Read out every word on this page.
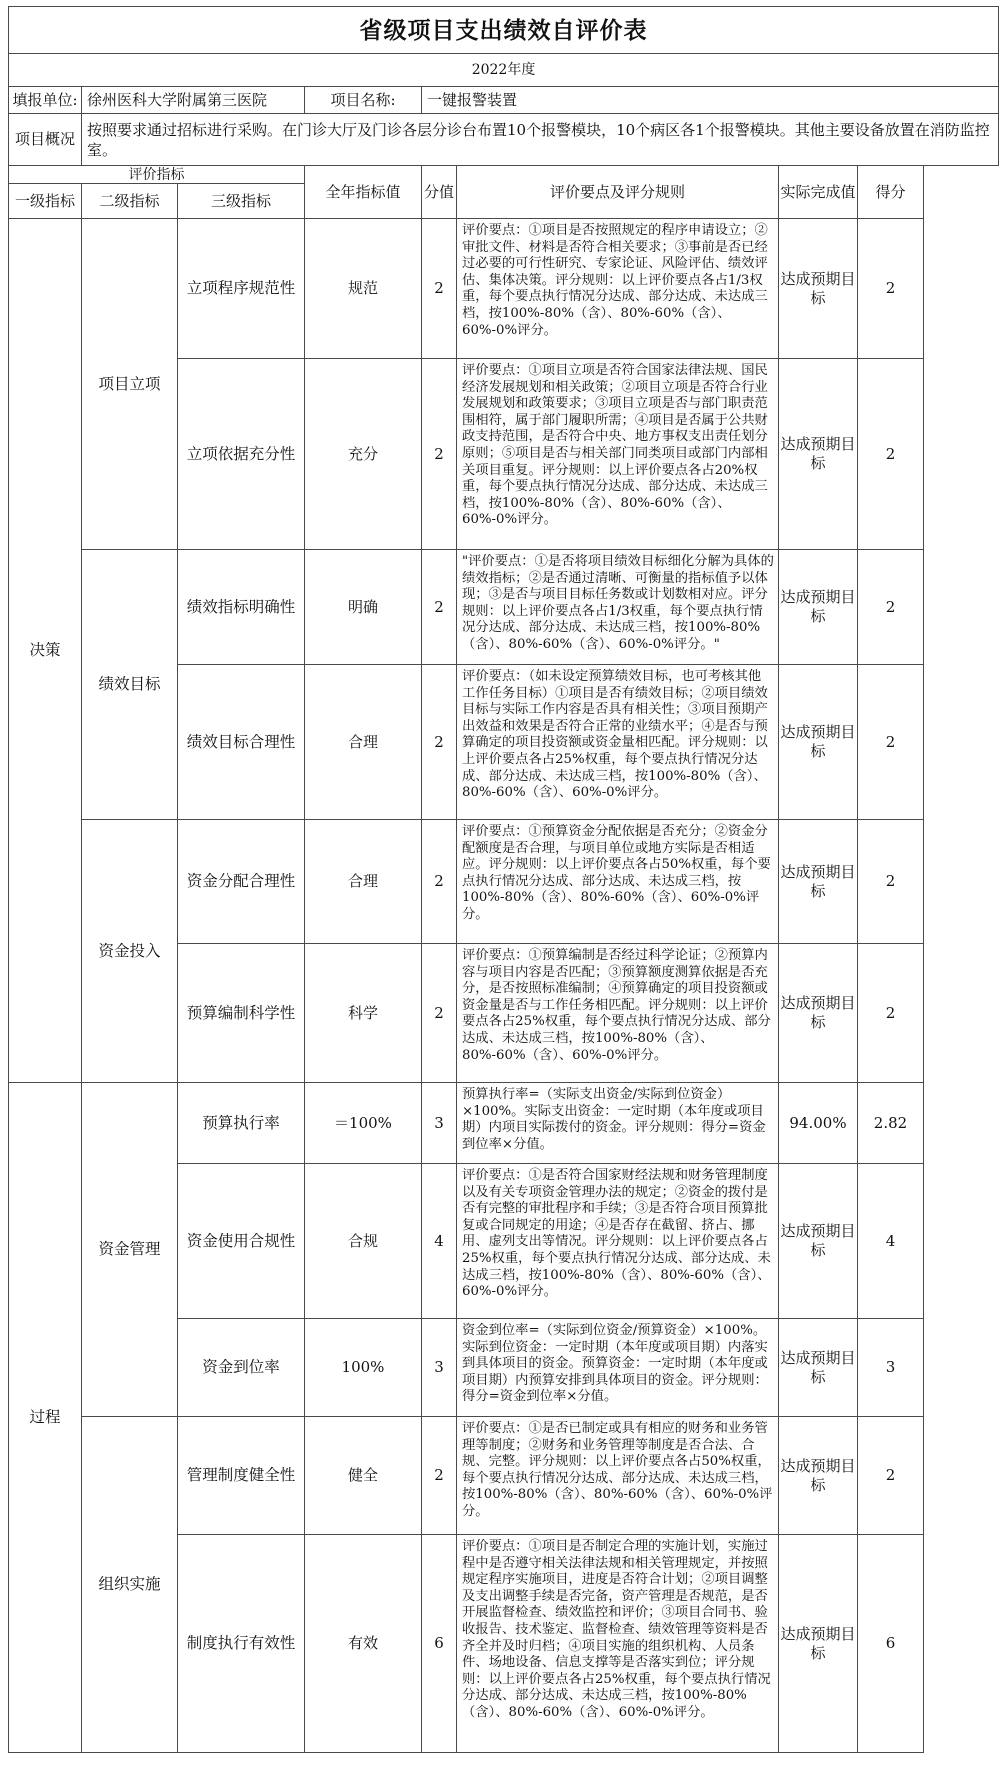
省级项目支出绩效自评价表							
2022年度							
填报单位:	徐州医科大学附属第三医院		项目名称:	一键报警装置			
项目概况	按照要求通过招标进行采购。在门诊大厅及门诊各层分诊台布置10个报警模块，10个病区各1个报警模块。其他主要设备放置在消防监控室。						
评价指标			全年指标值	分值	评价要点及评分规则	实际完成值	得分
一级指标	二级指标	三级指标					
决策	项目立项	立项程序规范性	规范	2	评价要点：①项目是否按照规定的程序申请设立；②审批文件、材料是否符合相关要求；③事前是否已经过必要的可行性研究、专家论证、风险评估、绩效评估、集体决策。评分规则：以上评价要点各占1/3权重，每个要点执行情况分达成、部分达成、未达成三档，按100%-80%（含）、80%-60%（含）、60%-0%评分。	达成预期目标	2
		立项依据充分性	充分	2	评价要点：①项目立项是否符合国家法律法规、国民经济发展规划和相关政策；②项目立项是否符合行业发展规划和政策要求；③项目立项是否与部门职责范围相符，属于部门履职所需；④项目是否属于公共财政支持范围，是否符合中央、地方事权支出责任划分原则；⑤项目是否与相关部门同类项目或部门内部相关项目重复。评分规则：以上评价要点各占20%权重，每个要点执行情况分达成、部分达成、未达成三档，按100%-80%（含）、80%-60%（含）、60%-0%评分。	达成预期目标	2
	绩效目标	绩效指标明确性	明确	2	"评价要点：①是否将项目绩效目标细化分解为具体的绩效指标；②是否通过清晰、可衡量的指标值予以体现；③是否与项目目标任务数或计划数相对应。评分规则：以上评价要点各占1/3权重，每个要点执行情况分达成、部分达成、未达成三档，按100%-80%（含）、80%-60%（含）、60%-0%评分。"	达成预期目标	2
		绩效目标合理性	合理	2	评价要点：（如未设定预算绩效目标，也可考核其他工作任务目标）①项目是否有绩效目标；②项目绩效目标与实际工作内容是否具有相关性；③项目预期产出效益和效果是否符合正常的业绩水平；④是否与预算确定的项目投资额或资金量相匹配。评分规则：以上评价要点各占25%权重，每个要点执行情况分达成、部分达成、未达成三档，按100%-80%（含）、80%-60%（含）、60%-0%评分。	达成预期目标	2
	资金投入	资金分配合理性	合理	2	评价要点：①预算资金分配依据是否充分；②资金分配额度是否合理，与项目单位或地方实际是否相适应。评分规则：以上评价要点各占50%权重，每个要点执行情况分达成、部分达成、未达成三档，按100%-80%（含）、80%-60%（含）、60%-0%评分。	达成预期目标	2
		预算编制科学性	科学	2	评价要点：①预算编制是否经过科学论证；②预算内容与项目内容是否匹配；③预算额度测算依据是否充分，是否按照标准编制；④预算确定的项目投资额或资金量是否与工作任务相匹配。评分规则：以上评价要点各占25%权重，每个要点执行情况分达成、部分达成、未达成三档，按100%-80%（含）、80%-60%（含）、60%-0%评分。	达成预期目标	2
过程	资金管理	预算执行率	＝100%	3	预算执行率=（实际支出资金/实际到位资金）×100%。实际支出资金：一定时期（本年度或项目期）内项目实际拨付的资金。评分规则：得分=资金到位率×分值。	94.00%	2.82
		资金使用合规性	合规	4	评价要点：①是否符合国家财经法规和财务管理制度以及有关专项资金管理办法的规定；②资金的拨付是否有完整的审批程序和手续；③是否符合项目预算批复或合同规定的用途；④是否存在截留、挤占、挪用、虚列支出等情况。评分规则：以上评价要点各占25%权重，每个要点执行情况分达成、部分达成、未达成三档，按100%-80%（含）、80%-60%（含）、60%-0%评分。	达成预期目标	4
		资金到位率	100%	3	资金到位率=（实际到位资金/预算资金）×100%。实际到位资金：一定时期（本年度或项目期）内落实到具体项目的资金。预算资金：一定时期（本年度或项目期）内预算安排到具体项目的资金。评分规则：得分=资金到位率×分值。	达成预期目标	3
	组织实施	管理制度健全性	健全	2	评价要点：①是否已制定或具有相应的财务和业务管理等制度；②财务和业务管理等制度是否合法、合规、完整。评分规则：以上评价要点各占50%权重，每个要点执行情况分达成、部分达成、未达成三档，按100%-80%（含）、80%-60%（含）、60%-0%评分。	达成预期目标	2
		制度执行有效性	有效	6	评价要点：①项目是否制定合理的实施计划，实施过程中是否遵守相关法律法规和相关管理规定，并按照规定程序实施项目，进度是否符合计划；②项目调整及支出调整手续是否完备，资产管理是否规范，是否开展监督检查、绩效监控和评价；③项目合同书、验收报告、技术鉴定、监督检查、绩效管理等资料是否齐全并及时归档；④项目实施的组织机构、人员条件、场地设备、信息支撑等是否落实到位；评分规则：以上评价要点各占25%权重，每个要点执行情况分达成、部分达成、未达成三档，按100%-80%（含）、80%-60%（含）、60%-0%评分。	达成预期目标	6
